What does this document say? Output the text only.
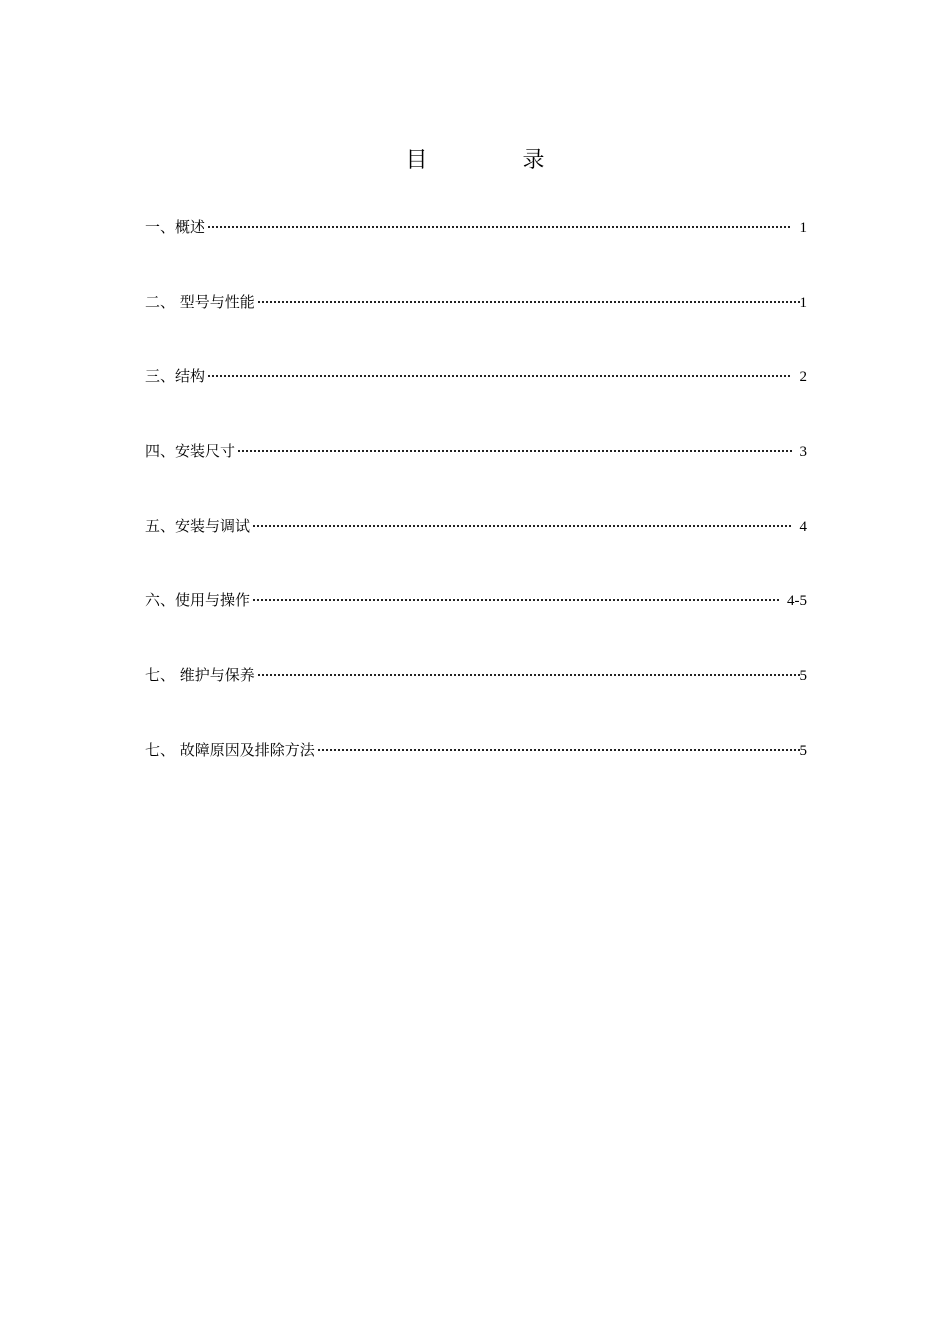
目 录
一、概述	1
二、 型号与性能	1
三、结构	2
四、安装尺寸	3
五、安装与调试	4
六、使用与操作	4-5
七、 维护与保养	5
七、 故障原因及排除方法	5
